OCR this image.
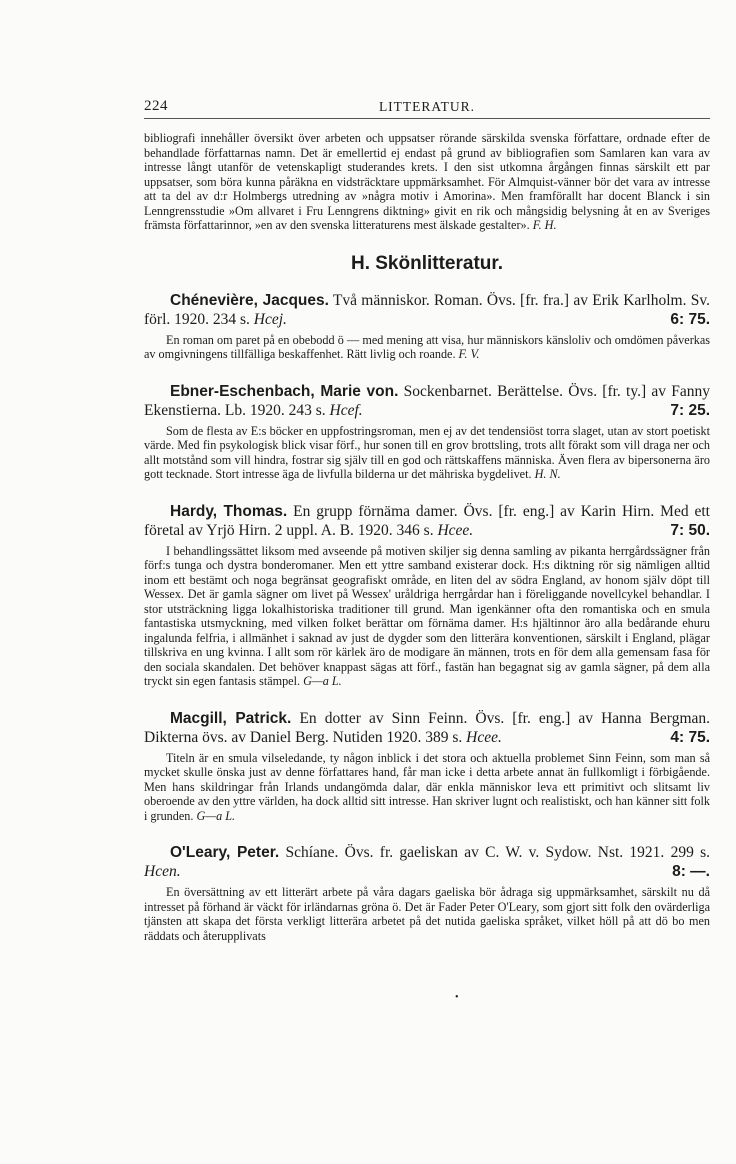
224	LITTERATUR.

bibliografi innehåller översikt över arbeten och uppsatser rörande särskilda svenska författare, ordnade efter de behandlade författarnas namn. Det är emellertid ej endast på grund av bibliografien som Samlaren kan vara av intresse långt utanför de vetenskapligt studerandes krets. I den sist utkomna årgången finnas särskilt ett par uppsatser, som böra kunna påräkna en vidsträcktare uppmärksamhet. För Almquist-vänner bör det vara av intresse att ta del av d:r Holmbergs utredning av »några motiv i Amorina». Men framförallt har docent Blanck i sin Lenngrensstudie »Om allvaret i Fru Lenngrens diktning» givit en rik och mångsidig belysning åt en av Sveriges främsta författarinnor, »en av den svenska litteraturens mest älskade gestalter». F. H.

H. Skönlitteratur.

Chénevière, Jacques. Två människor. Roman. Övs. [fr. fra.] av Erik Karlholm. Sv. förl. 1920. 234 s. Hcej.	6: 75.

En roman om paret på en obebodd ö — med mening att visa, hur människors känsloliv och omdömen påverkas av omgivningens tillfälliga beskaffenhet. Rätt livlig och roande. F. V.

Ebner-Eschenbach, Marie von. Sockenbarnet. Berättelse. Övs. [fr. ty.] av Fanny Ekenstierna. Lb. 1920. 243 s. Hcef.	7: 25.

Som de flesta av E:s böcker en uppfostringsroman, men ej av det tendensiöst torra slaget, utan av stort poetiskt värde. Med fin psykologisk blick visar förf., hur sonen till en grov brottsling, trots allt förakt som vill draga ner och allt motstånd som vill hindra, fostrar sig själv till en god och rättskaffens människa. Även flera av bipersonerna äro gott tecknade. Stort intresse äga de livfulla bilderna ur det mähriska bygdelivet. H. N.

Hardy, Thomas. En grupp förnäma damer. Övs. [fr. eng.] av Karin Hirn. Med ett företal av Yrjö Hirn. 2 uppl. A. B. 1920. 346 s. Hcee.	7: 50.

I behandlingssättet liksom med avseende på motiven skiljer sig denna samling av pikanta herrgårdssägner från förf:s tunga och dystra bonderomaner. Men ett yttre samband existerar dock. H:s diktning rör sig nämligen alltid inom ett bestämt och noga begränsat geografiskt område, en liten del av södra England, av honom själv döpt till Wessex. Det är gamla sägner om livet på Wessex' uråldriga herrgårdar han i föreliggande novellcykel behandlar. I stor utsträckning ligga lokalhistoriska traditioner till grund. Man igenkänner ofta den romantiska och en smula fantastiska utsmyckning, med vilken folket berättar om förnäma damer. H:s hjältinnor äro alla bedårande ehuru ingalunda felfria, i allmänhet i saknad av just de dygder som den litterära konventionen, särskilt i England, plägar tillskriva en ung kvinna. I allt som rör kärlek äro de modigare än männen, trots en för dem alla gemensam fasa för den sociala skandalen. Det behöver knappast sägas att förf., fastän han begagnat sig av gamla sägner, på dem alla tryckt sin egen fantasis stämpel. G—a L.

Macgill, Patrick. En dotter av Sinn Feinn. Övs. [fr. eng.] av Hanna Bergman. Dikterna övs. av Daniel Berg. Nutiden 1920. 389 s. Hcee.	4: 75.

Titeln är en smula vilseledande, ty någon inblick i det stora och aktuella problemet Sinn Feinn, som man så mycket skulle önska just av denne författares hand, får man icke i detta arbete annat än fullkomligt i förbigående. Men hans skildringar från Irlands undangömda dalar, där enkla människor leva ett primitivt och slitsamt liv oberoende av den yttre världen, ha dock alltid sitt intresse. Han skriver lugnt och realistiskt, och han känner sitt folk i grunden. G—a L.

O'Leary, Peter. Schíane. Övs. fr. gaeliskan av C. W. v. Sydow. Nst. 1921. 299 s. Hcen.	8: —.

En översättning av ett litterärt arbete på våra dagars gaeliska bör ådraga sig uppmärksamhet, särskilt nu då intresset på förhand är väckt för irländarnas gröna ö. Det är Fader Peter O'Leary, som gjort sitt folk den ovärderliga tjänsten att skapa det första verkligt litterära arbetet på det nutida gaeliska språket, vilket höll på att dö bo men räddats och återupplivats

•
